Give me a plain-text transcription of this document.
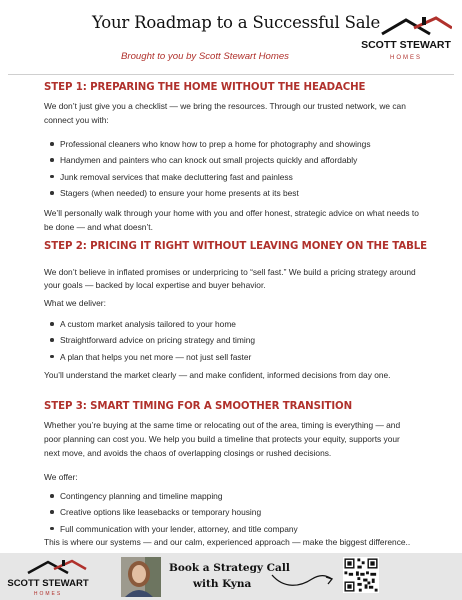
Your Roadmap to a Successful Sale
Brought to you by Scott Stewart Homes
SCOTT STEWART
HOMES
STEP 1: PREPARING THE HOME WITHOUT THE HEADACHE
We don’t just give you a checklist — we bring the resources. Through our trusted network, we can
connect you with:
Professional cleaners who know how to prep a home for photography and showings
Handymen and painters who can knock out small projects quickly and affordably
Junk removal services that make decluttering fast and painless
Stagers (when needed) to ensure your home presents at its best
We’ll personally walk through your home with you and offer honest, strategic advice on what needs to
be done — and what doesn’t.
STEP 2: PRICING IT RIGHT WITHOUT LEAVING MONEY ON THE TABLE
We don’t believe in inflated promises or underpricing to “sell fast.” We build a pricing strategy around
your goals — backed by local expertise and buyer behavior.
What we deliver:
A custom market analysis tailored to your home
Straightforward advice on pricing strategy and timing
A plan that helps you net more — not just sell faster
You’ll understand the market clearly — and make confident, informed decisions from day one.
STEP 3: SMART TIMING FOR A SMOOTHER TRANSITION
Whether you’re buying at the same time or relocating out of the area, timing is everything — and
poor planning can cost you. We help you build a timeline that protects your equity, supports your
next move, and avoids the chaos of overlapping closings or rushed decisions.
We offer:
Contingency planning and timeline mapping
Creative options like leasebacks or temporary housing
Full communication with your lender, attorney, and title company
This is where our systems — and our calm, experienced approach — make the biggest difference..
SCOTT STEWART
HOMES
Book a Strategy Call
with Kyna
